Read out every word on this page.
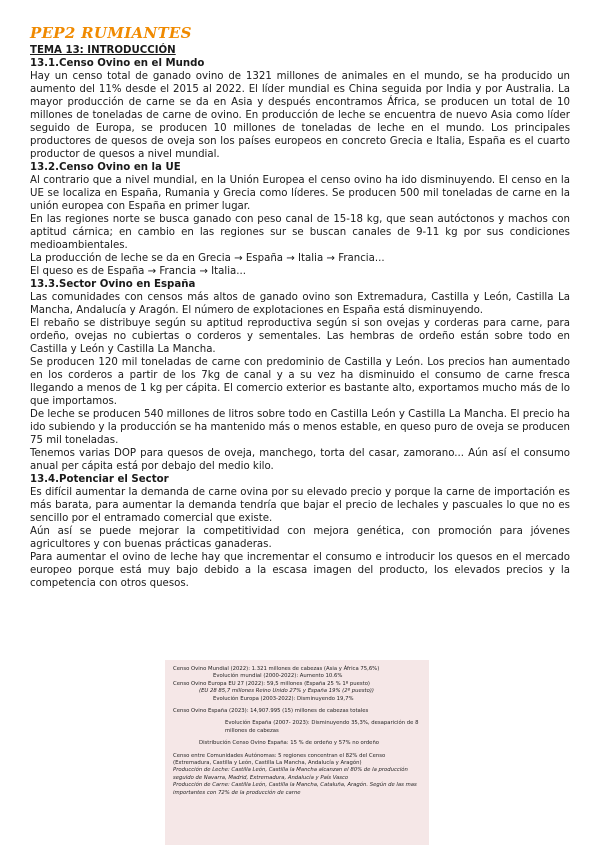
PEP2 RUMIANTES
TEMA 13: INTRODUCCIÓN
13.1.Censo Ovino en el Mundo

Hay un censo total de ganado ovino de 1321 millones de animales en el mundo, se ha producido un aumento del 11% desde el 2015 al 2022. El líder mundial es China seguida por India y por Australia. La mayor producción de carne se da en Asia y después encontramos África, se producen un total de 10 millones de toneladas de carne de ovino. En producción de leche se encuentra de nuevo Asia como líder seguido de Europa, se producen 10 millones de toneladas de leche en el mundo. Los principales productores de quesos de oveja son los países europeos en concreto Grecia e Italia, España es el cuarto productor de quesos a nivel mundial.

13.2.Censo Ovino en la UE

Al contrario que a nivel mundial, en la Unión Europea el censo ovino ha ido disminuyendo. El censo en la UE se localiza en España, Rumania y Grecia como líderes. Se producen 500 mil toneladas de carne en la unión europea con España en primer lugar.

En las regiones norte se busca ganado con peso canal de 15-18 kg, que sean autóctonos y machos con aptitud cárnica; en cambio en las regiones sur se buscan canales de 9-11 kg por sus condiciones medioambientales.

La producción de leche se da en Grecia → España → Italia → Francia...

El queso es de España → Francia → Italia...

13.3.Sector Ovino en España

Las comunidades con censos más altos de ganado ovino son Extremadura, Castilla y León, Castilla La Mancha, Andalucía y Aragón. El número de explotaciones en España está disminuyendo.

El rebaño se distribuye según su aptitud reproductiva según si son ovejas y corderas para carne, para ordeño, ovejas no cubiertas o corderos y sementales. Las hembras de ordeño están sobre todo en Castilla y León y Castilla La Mancha.

Se producen 120 mil toneladas de carne con predominio de Castilla y León. Los precios han aumentado en los corderos a partir de los 7kg de canal y a su vez ha disminuido el consumo de carne fresca llegando a menos de 1 kg per cápita. El comercio exterior es bastante alto, exportamos mucho más de lo que importamos.

De leche se producen 540 millones de litros sobre todo en Castilla León y Castilla La Mancha. El precio ha ido subiendo y la producción se ha mantenido más o menos estable, en queso puro de oveja se producen 75 mil toneladas.

Tenemos varias DOP para quesos de oveja, manchego, torta del casar, zamorano... Aún así el consumo anual per cápita está por debajo del medio kilo.

13.4.Potenciar el Sector

Es difícil aumentar la demanda de carne ovina por su elevado precio y porque la carne de importación es más barata, para aumentar la demanda tendría que bajar el precio de lechales y pascuales lo que no es sencillo por el entramado comercial que existe.

Aún así se puede mejorar la competitividad con mejora genética, con promoción para jóvenes agricultores y con buenas prácticas ganaderas.

Para aumentar el ovino de leche hay que incrementar el consumo e introducir los quesos en el mercado europeo porque está muy bajo debido a la escasa imagen del producto, los elevados precios y la competencia con otros quesos.

Censo Ovino Mundial (2022): 1.321 millones de cabezas (Asia y África 75,6%)
Evolución mundial (2000-2022): Aumento 10.6%
Censo Ovino Europa EU 27 (2022): 59,5 millones (España 25 % 1º puesto)
(EU 28 85,7 millones Reino Unido 27% y España 19% (2º puesto))
Evolución Europa (2003-2022): Disminuyendo 19,7%
Censo Ovino España (2023): 14,907.995 (15) millones de cabezas totales
Evolución España (2007- 2023): Disminuyendo 35,3%, desaparición de 8 millones de cabezas
Distribución Censo Ovino España: 15 % de ordeño y 57% no ordeño
Censo entre Comunidades Autónomas: 5 regiones concentran el 82% del Censo (Extremadura, Castilla y León, Castilla La Mancha, Andalucía y Aragón)
Producción de Leche: Castilla León, Castilla la Mancha alcanzan el 80% de la producción seguido de Navarra, Madrid, Extremadura, Andalucía y País Vasco
Producción de Carne: Castilla León, Castilla la Mancha, Cataluña, Aragón. Según de las mas importantes con 72% de la producción de carne
